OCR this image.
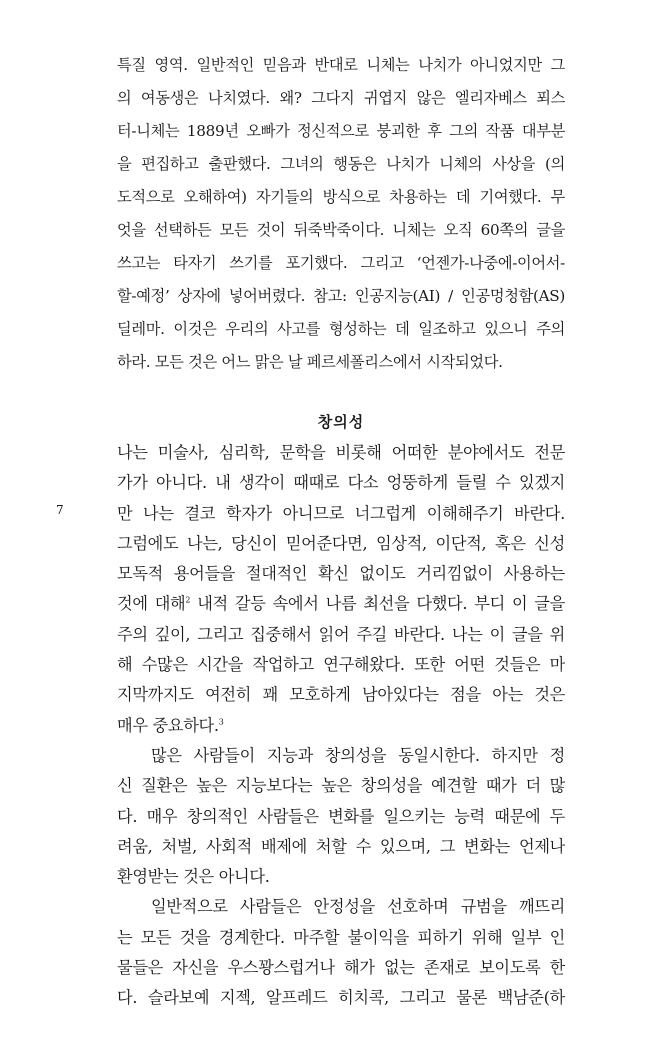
특질 영역. 일반적인 믿음과 반대로 니체는 나치가 아니었지만 그
의 여동생은 나치였다. 왜? 그다지 귀엽지 않은 엘리자베스 푀스
터-니체는 1889년 오빠가 정신적으로 붕괴한 후 그의 작품 대부분
을 편집하고 출판했다. 그녀의 행동은 나치가 니체의 사상을 (의
도적으로 오해하여) 자기들의 방식으로 차용하는 데 기여했다. 무
엇을 선택하든 모든 것이 뒤죽박죽이다. 니체는 오직 60쪽의 글을
쓰고는 타자기 쓰기를 포기했다. 그리고 ‘언젠가-나중에-이어서-
할-예정’ 상자에 넣어버렸다. 참고: 인공지능(AI) / 인공멍청함(AS)
딜레마. 이것은 우리의 사고를 형성하는 데 일조하고 있으니 주의
하라. 모든 것은 어느 맑은 날 페르세폴리스에서 시작되었다.
창의성
7
나는 미술사, 심리학, 문학을 비롯해 어떠한 분야에서도 전문
가가 아니다. 내 생각이 때때로 다소 엉뚱하게 들릴 수 있겠지
만 나는 결코 학자가 아니므로 너그럽게 이해해주기 바란다.
그럼에도 나는, 당신이 믿어준다면, 임상적, 이단적, 혹은 신성
모독적 용어들을 절대적인 확신 없이도 거리낌없이 사용하는
것에 대해$^2$ 내적 갈등 속에서 나름 최선을 다했다. 부디 이 글을
주의 깊이, 그리고 집중해서 읽어 주길 바란다. 나는 이 글을 위
해 수많은 시간을 작업하고 연구해왔다. 또한 어떤 것들은 마
지막까지도 여전히 꽤 모호하게 남아있다는 점을 아는 것은
매우 중요하다.$^3$
많은 사람들이 지능과 창의성을 동일시한다. 하지만 정
신 질환은 높은 지능보다는 높은 창의성을 예견할 때가 더 많
다. 매우 창의적인 사람들은 변화를 일으키는 능력 때문에 두
려움, 처벌, 사회적 배제에 처할 수 있으며, 그 변화는 언제나
환영받는 것은 아니다.
일반적으로 사람들은 안정성을 선호하며 규범을 깨뜨리
는 모든 것을 경계한다. 마주할 불이익을 피하기 위해 일부 인
물들은 자신을 우스꽝스럽거나 해가 없는 존재로 보이도록 한
다. 슬라보예 지젝, 알프레드 히치콕, 그리고 물론 백남준(하
